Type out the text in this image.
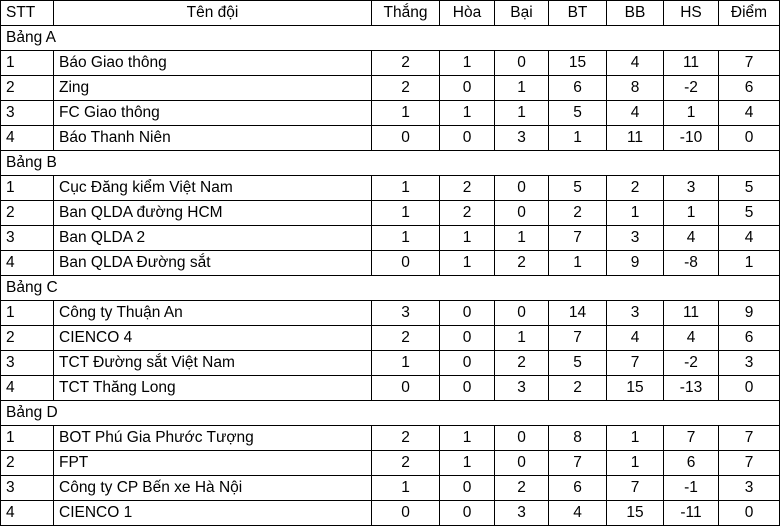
STT	Tên đội	Thắng	Hòa	Bại	BT	BB	HS	Điểm
Bảng A								
1	Báo Giao thông	2	1	0	15	4	11	7
2	Zing	2	0	1	6	8	-2	6
3	FC Giao thông	1	1	1	5	4	1	4
4	Báo Thanh Niên	0	0	3	1	11	-10	0
Bảng B								
1	Cục Đăng kiểm Việt Nam	1	2	0	5	2	3	5
2	Ban QLDA đường HCM	1	2	0	2	1	1	5
3	Ban QLDA 2	1	1	1	7	3	4	4
4	Ban QLDA Đường sắt	0	1	2	1	9	-8	1
Bảng C								
1	Công ty Thuận An	3	0	0	14	3	11	9
2	CIENCO 4	2	0	1	7	4	4	6
3	TCT Đường sắt Việt Nam	1	0	2	5	7	-2	3
4	TCT Thăng Long	0	0	3	2	15	-13	0
Bảng D								
1	BOT Phú Gia Phước Tượng	2	1	0	8	1	7	7
2	FPT	2	1	0	7	1	6	7
3	Công ty CP Bến xe Hà Nội	1	0	2	6	7	-1	3
4	CIENCO 1	0	0	3	4	15	-11	0
